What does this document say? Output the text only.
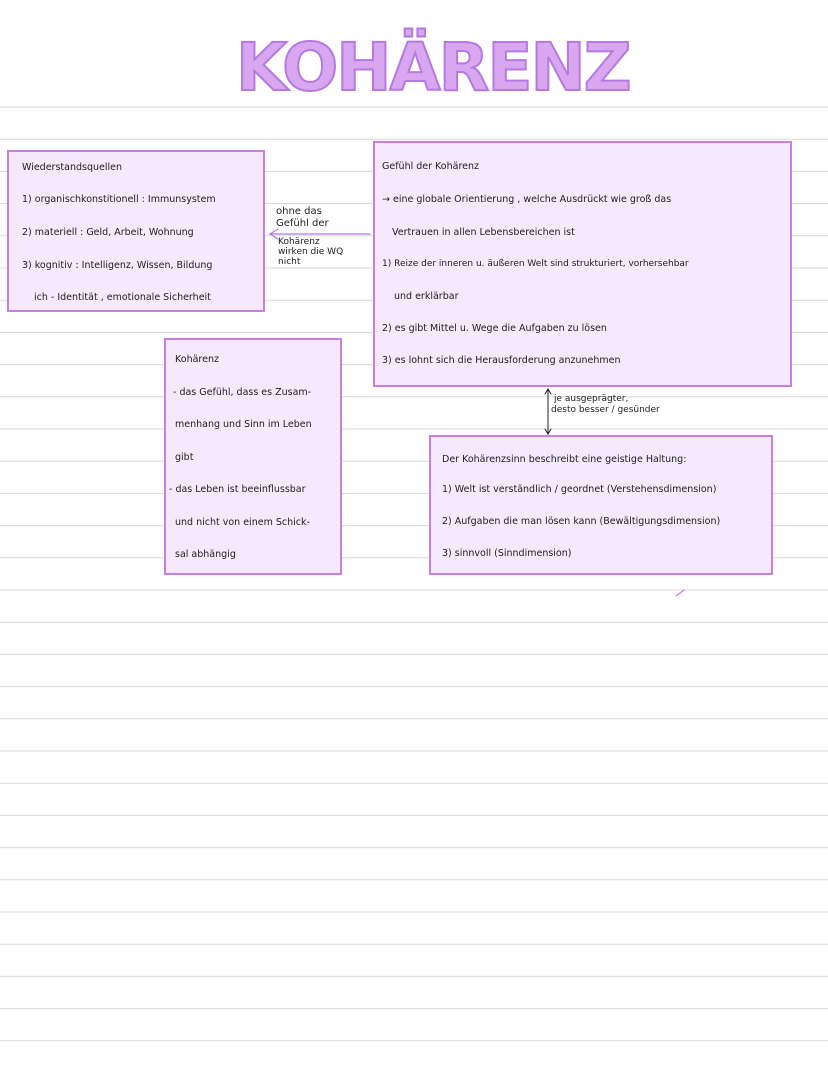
KOHÄRENZ
Wiederstandsquellen
1) organischkonstitionell : Immunsystem
2) materiell : Geld, Arbeit, Wohnung
3) kognitiv : Intelligenz, Wissen, Bildung
ich - Identität , emotionale Sicherheit
ohne das
Gefühl der
Kohärenz
wirken die WQ
nicht
Gefühl der Kohärenz
→ eine globale Orientierung , welche Ausdrückt wie groß das
Vertrauen in allen Lebensbereichen ist
1) Reize der inneren u. äußeren Welt sind strukturiert, vorhersehbar
und erklärbar
2) es gibt Mittel u. Wege die Aufgaben zu lösen
3) es lohnt sich die Herausforderung anzunehmen
Kohärenz
- das Gefühl, dass es Zusam-
menhang und Sinn im Leben
gibt
- das Leben ist beeinflussbar
und nicht von einem Schick-
sal abhängig
je ausgeprägter,
desto besser / gesünder
Der Kohärenzsinn beschreibt eine geistige Haltung:
1) Welt ist verständlich / geordnet (Verstehensdimension)
2) Aufgaben die man lösen kann (Bewältigungsdimension)
3) sinnvoll (Sinndimension)
